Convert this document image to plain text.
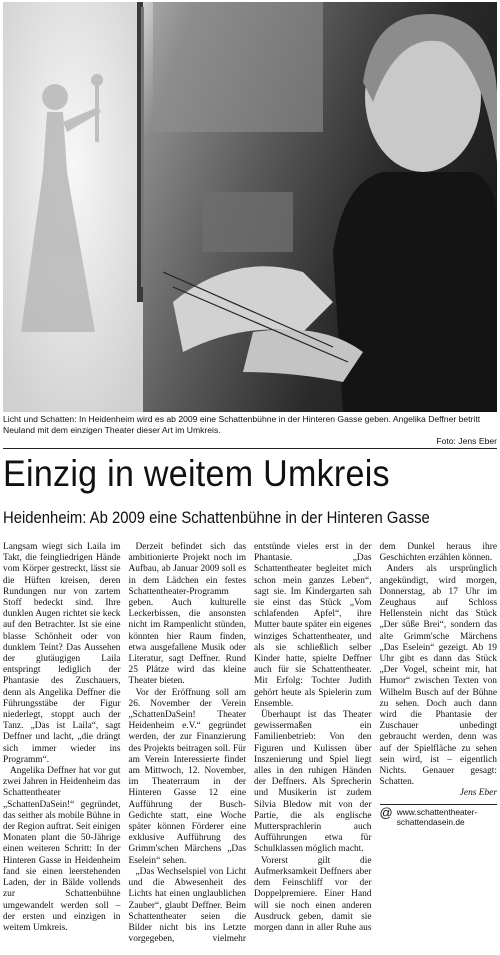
Licht und Schatten: In Heidenheim wird es ab 2009 eine Schattenbühne in der Hinteren Gasse geben. Angelika Deffner betritt Neuland mit dem einzigen Theater dieser Art im Umkreis.
Foto: Jens Eber
Einzig in weitem Umkreis
Heidenheim: Ab 2009 eine Schattenbühne in der Hinteren Gasse

Langsam wiegt sich Laila im Takt, die feingliedrigen Hände vom Körper gestreckt, lässt sie die Hüften kreisen, deren Rundungen nur von zartem Stoff bedeckt sind. Ihre dunklen Augen richtet sie keck auf den Betrachter. Ist sie eine blasse Schönheit oder von dunklem Teint? Das Aussehen der glutäugigen Laila entspringt lediglich der Phantasie des Zuschauers, denn als Angelika Deffner die Führungsstäbe der Figur niederlegt, stoppt auch der Tanz. „Das ist Laila“, sagt Deffner und lacht, „die drängt sich immer wieder ins Programm“.

Angelika Deffner hat vor gut zwei Jahren in Heidenheim das Schattentheater „SchattenDaSein!“ gegründet, das seither als mobile Bühne in der Region auftrat. Seit einigen Monaten plant die 50-Jährige einen weiteren Schritt: In der Hinteren Gasse in Heidenheim fand sie einen leerstehenden Laden, der in Bälde vollends zur Schattenbühne umgewandelt werden soll – der ersten und einzigen in weitem Umkreis.

Derzeit befindet sich das ambitionierte Projekt noch im Aufbau, ab Januar 2009 soll es in dem Lädchen ein festes Schattentheater-Programm geben. Auch kulturelle Leckerbissen, die ansonsten nicht im Rampenlicht stünden, könnten hier Raum finden, etwa ausgefallene Musik oder Literatur, sagt Deffner. Rund 25 Plätze wird das kleine Theater bieten.

Vor der Eröffnung soll am 26. November der Verein „SchattenDaSein! Theater Heidenheim e.V.“ gegründet werden, der zur Finanzierung des Projekts beitragen soll. Für am Verein Interessierte findet am Mittwoch, 12. November, im Theaterraum in der Hinteren Gasse 12 eine Aufführung der Busch-Gedichte statt, eine Woche später können Förderer eine exklusive Aufführung des Grimm'schen Märchens „Das Eselein“ sehen.

„Das Wechselspiel von Licht und die Abwesenheit des Lichts hat einen unglaublichen Zauber“, glaubt Deffner. Beim Schattentheater seien die Bilder nicht bis ins Letzte vorgegeben, vielmehr entstünde vieles erst in der Phantasie. „Das Schattentheater begleitet mich schon mein ganzes Leben“, sagt sie. Im Kindergarten sah sie einst das Stück „Vom schlafenden Apfel“, ihre Mutter baute später ein eigenes winziges Schattentheater, und als sie schließlich selber Kinder hatte, spielte Deffner auch für sie Schattentheater. Mit Erfolg: Tochter Judith gehört heute als Spielerin zum Ensemble.

Überhaupt ist das Theater gewissermaßen ein Familienbetrieb: Von den Figuren und Kulissen über Inszenierung und Spiel liegt alles in den ruhigen Händen der Deffners. Als Sprecherin und Musikerin ist zudem Silvia Bledow mit von der Partie, die als englische Muttersprachlerin auch Aufführungen etwa für Schulklassen möglich macht.

Vorerst gilt die Aufmerksamkeit Deffners aber dem Feinschliff vor der Doppelpremiere. Einer Hand will sie noch einen anderen Ausdruck geben, damit sie morgen dann in aller Ruhe aus dem Dunkel heraus ihre Geschichten erzählen können.

Anders als ursprünglich angekündigt, wird morgen, Donnerstag, ab 17 Uhr im Zeughaus auf Schloss Hellenstein nicht das Stück „Der süße Brei“, sondern das alte Grimm'sche Märchens „Das Eselein“ gezeigt. Ab 19 Uhr gibt es dann das Stück „Der Vogel, scheint mir, hat Humor“ zwischen Texten von Wilhelm Busch auf der Bühne zu sehen. Doch auch dann wird die Phantasie der Zuschauer unbedingt gebraucht werden, denn was auf der Spielfläche zu sehen sein wird, ist – eigentlich Nichts. Genauer gesagt: Schatten.

Jens Eber
@ www.schattentheater-schattendasein.de
